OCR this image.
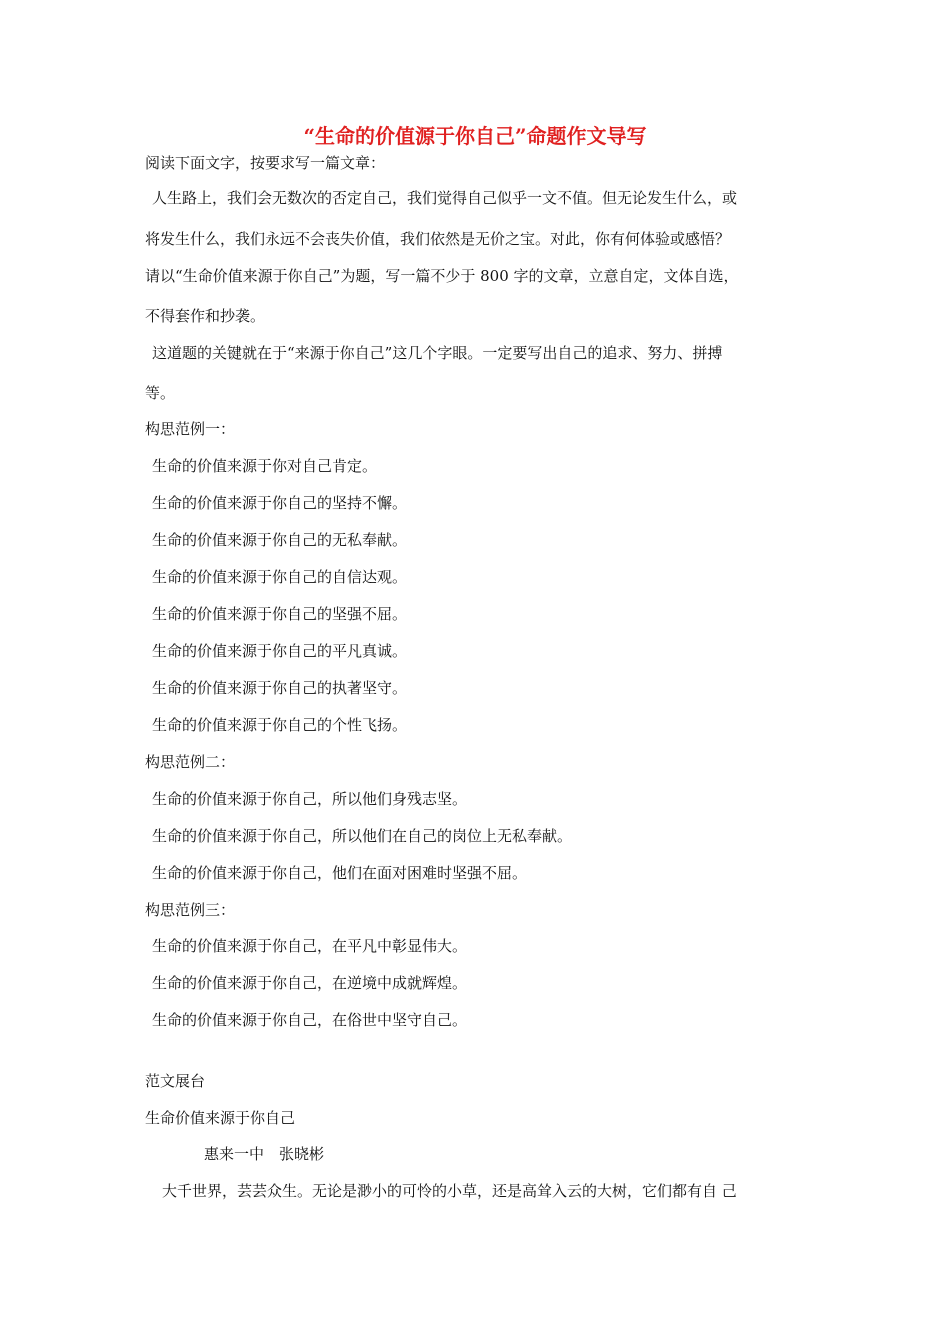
“生命的价值源于你自己”命题作文导写
阅读下面文字，按要求写一篇文章：
人生路上，我们会无数次的否定自己，我们觉得自己似乎一文不值。但无论发生什么，或
将发生什么，我们永远不会丧失价值，我们依然是无价之宝。对此，你有何体验或感悟？
请以“生命价值来源于你自己”为题，写一篇不少于 800 字的文章，立意自定，文体自选，
不得套作和抄袭。
这道题的关键就在于“来源于你自己”这几个字眼。一定要写出自己的追求、努力、拼搏
等。
构思范例一：
生命的价值来源于你对自己肯定。
生命的价值来源于你自己的坚持不懈。
生命的价值来源于你自己的无私奉献。
生命的价值来源于你自己的自信达观。
生命的价值来源于你自己的坚强不屈。
生命的价值来源于你自己的平凡真诚。
生命的价值来源于你自己的执著坚守。
生命的价值来源于你自己的个性飞扬。
构思范例二：
生命的价值来源于你自己，所以他们身残志坚。
生命的价值来源于你自己，所以他们在自己的岗位上无私奉献。
生命的价值来源于你自己，他们在面对困难时坚强不屈。
构思范例三：
生命的价值来源于你自己，在平凡中彰显伟大。
生命的价值来源于你自己，在逆境中成就辉煌。
生命的价值来源于你自己，在俗世中坚守自己。
范文展台
生命价值来源于你自己
惠来一中　张晓彬
大千世界，芸芸众生。无论是渺小的可怜的小草，还是高耸入云的大树，它们都有自 己
